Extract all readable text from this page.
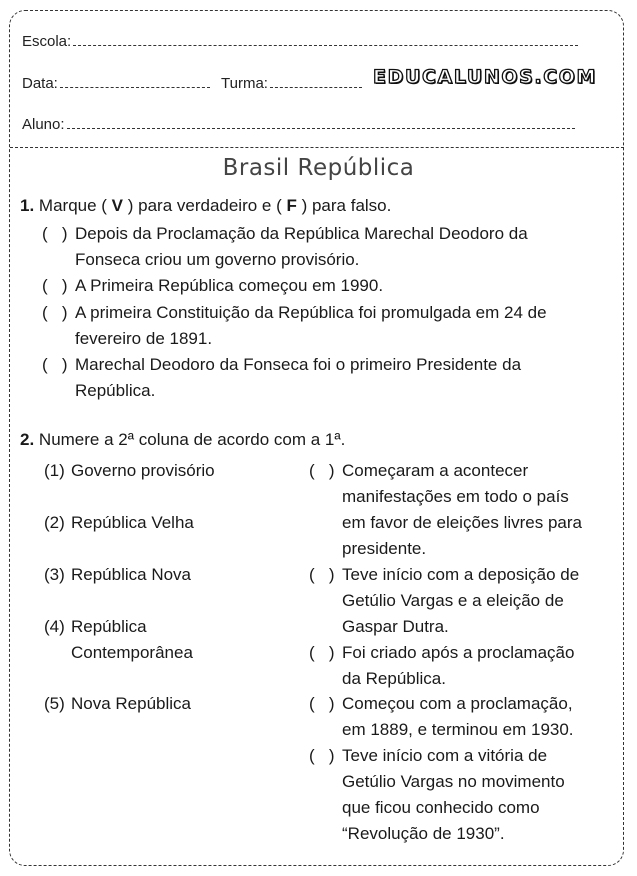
Escola:
Data:	Turma:	EDUCALUNOS.COM
Aluno:
Brasil República
1. Marque ( V ) para verdadeiro e ( F ) para falso.
(   ) Depois da Proclamação da República Marechal Deodoro da
Fonseca criou um governo provisório.
(   ) A Primeira República começou em 1990.
(   ) A primeira Constituição da República foi promulgada em 24 de
fevereiro de 1891.
(   ) Marechal Deodoro da Fonseca foi o primeiro Presidente da
República.
2. Numere a 2ª coluna de acordo com a 1ª.
(1) Governo provisório
(2) República Velha
(3) República Nova
(4) República
Contemporânea
(5) Nova República
(   ) Começaram a acontecer
manifestações em todo o país
em favor de eleições livres para
presidente.
(   ) Teve início com a deposição de
Getúlio Vargas e a eleição de
Gaspar Dutra.
(   ) Foi criado após a proclamação
da República.
(   ) Começou com a proclamação,
em 1889, e terminou em 1930.
(   ) Teve início com a vitória de
Getúlio Vargas no movimento
que ficou conhecido como
“Revolução de 1930”.
